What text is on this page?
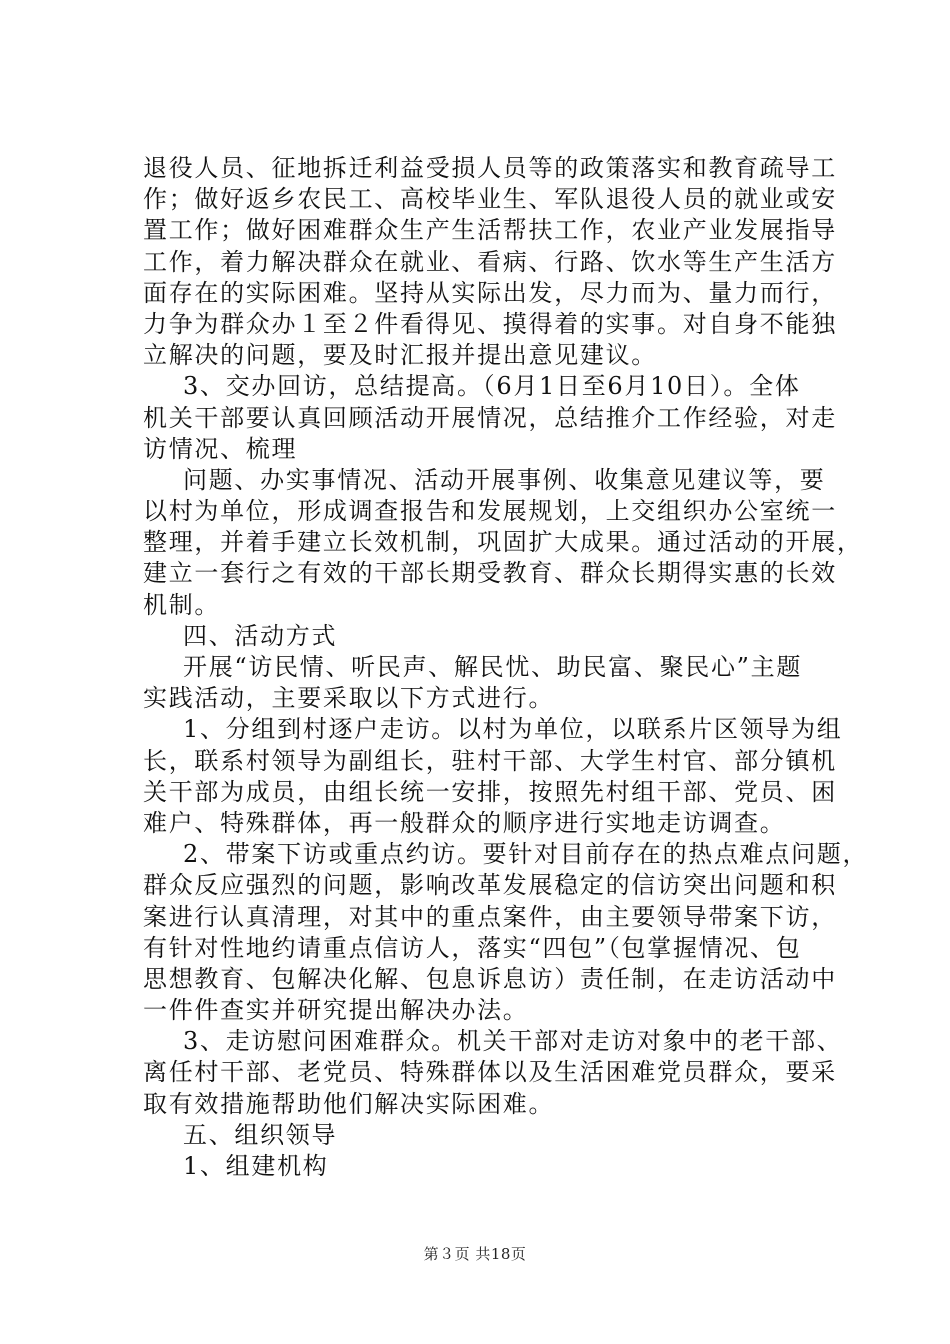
退役人员、征地拆迁利益受损人员等的政策落实和教育疏导工
作；做好返乡农民工、高校毕业生、军队退役人员的就业或安
置工作；做好困难群众生产生活帮扶工作，农业产业发展指导
工作，着力解决群众在就业、看病、行路、饮水等生产生活方
面存在的实际困难。坚持从实际出发，尽力而为、量力而行，
力争为群众办１至２件看得见、摸得着的实事。对自身不能独
立解决的问题，要及时汇报并提出意见建议。
3、交办回访，总结提高。（6月1日至6月10日）。全体
机关干部要认真回顾活动开展情况，总结推介工作经验，对走
访情况、梳理
问题、办实事情况、活动开展事例、收集意见建议等，要
以村为单位，形成调查报告和发展规划，上交组织办公室统一
整理，并着手建立长效机制，巩固扩大成果。通过活动的开展，
建立一套行之有效的干部长期受教育、群众长期得实惠的长效
机制。
四、活动方式
开展“访民情、听民声、解民忧、助民富、聚民心”主题
实践活动，主要采取以下方式进行。
1、分组到村逐户走访。以村为单位，以联系片区领导为组
长，联系村领导为副组长，驻村干部、大学生村官、部分镇机
关干部为成员，由组长统一安排，按照先村组干部、党员、困
难户、特殊群体，再一般群众的顺序进行实地走访调查。
2、带案下访或重点约访。要针对目前存在的热点难点问题，
群众反应强烈的问题，影响改革发展稳定的信访突出问题和积
案进行认真清理，对其中的重点案件，由主要领导带案下访，
有针对性地约请重点信访人，落实“四包”（包掌握情况、包
思想教育、包解决化解、包息诉息访）责任制，在走访活动中
一件件查实并研究提出解决办法。
3、走访慰问困难群众。机关干部对走访对象中的老干部、
离任村干部、老党员、特殊群体以及生活困难党员群众，要采
取有效措施帮助他们解决实际困难。
五、组织领导
1、组建机构
第３页 共18页
